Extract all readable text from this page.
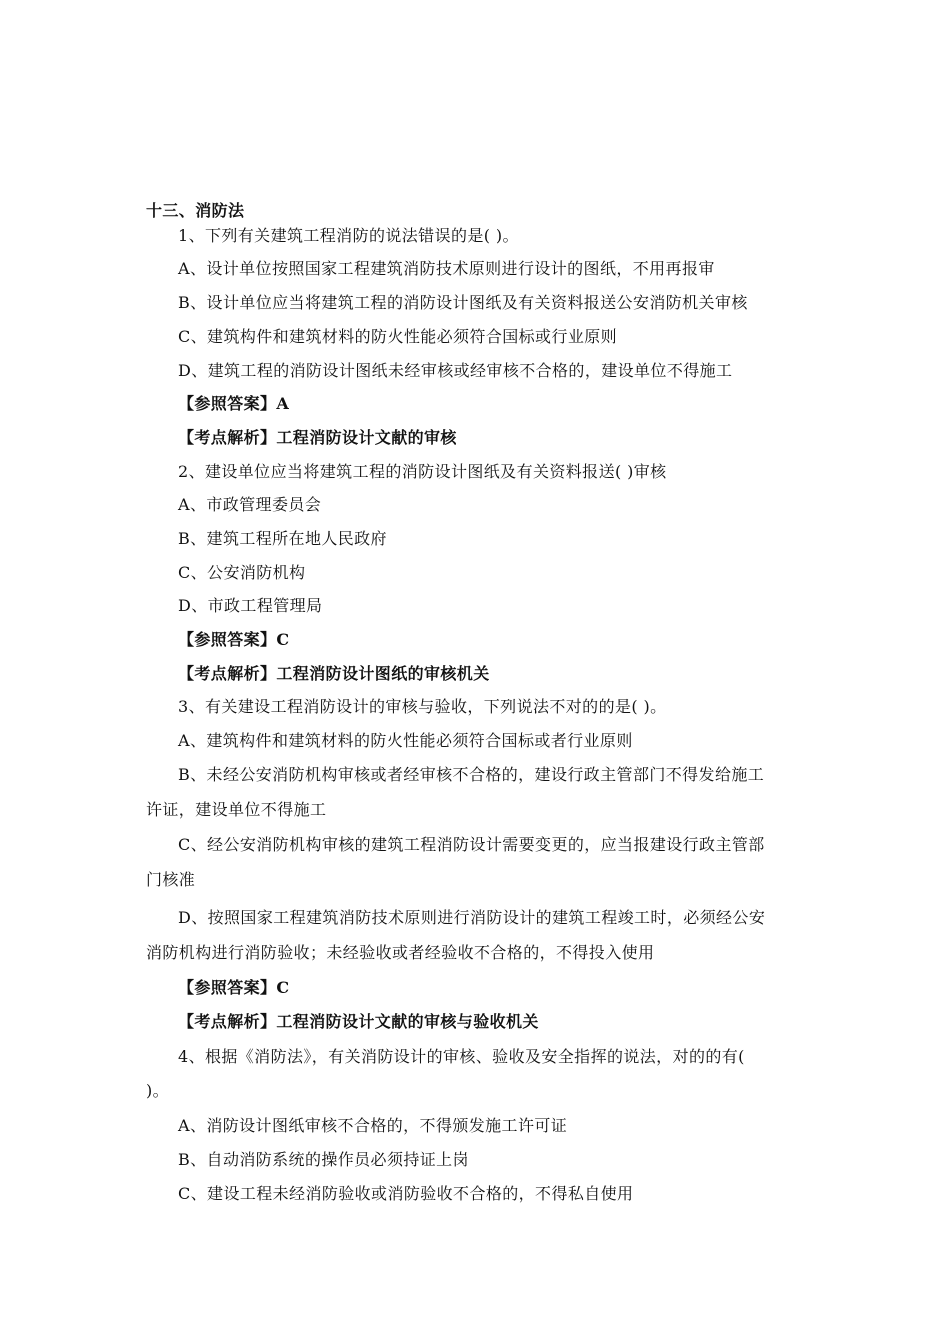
十三、消防法
1、下列有关建筑工程消防的说法错误的是( )。
A、设计单位按照国家工程建筑消防技术原则进行设计的图纸，不用再报审
B、设计单位应当将建筑工程的消防设计图纸及有关资料报送公安消防机关审核
C、建筑构件和建筑材料的防火性能必须符合国标或行业原则
D、建筑工程的消防设计图纸未经审核或经审核不合格的，建设单位不得施工
【参照答案】A
【考点解析】工程消防设计文献的审核
2、建设单位应当将建筑工程的消防设计图纸及有关资料报送( )审核
A、市政管理委员会
B、建筑工程所在地人民政府
C、公安消防机构
D、市政工程管理局
【参照答案】C
【考点解析】工程消防设计图纸的审核机关
3、有关建设工程消防设计的审核与验收，下列说法不对的的是( )。
A、建筑构件和建筑材料的防火性能必须符合国标或者行业原则
B、未经公安消防机构审核或者经审核不合格的，建设行政主管部门不得发给施工
许证，建设单位不得施工
C、经公安消防机构审核的建筑工程消防设计需要变更的，应当报建设行政主管部
门核准
D、按照国家工程建筑消防技术原则进行消防设计的建筑工程竣工时，必须经公安
消防机构进行消防验收；未经验收或者经验收不合格的，不得投入使用
【参照答案】C
【考点解析】工程消防设计文献的审核与验收机关
4、根据《消防法》，有关消防设计的审核、验收及安全指挥的说法，对的的有(
)。
A、消防设计图纸审核不合格的，不得颁发施工许可证
B、自动消防系统的操作员必须持证上岗
C、建设工程未经消防验收或消防验收不合格的，不得私自使用
